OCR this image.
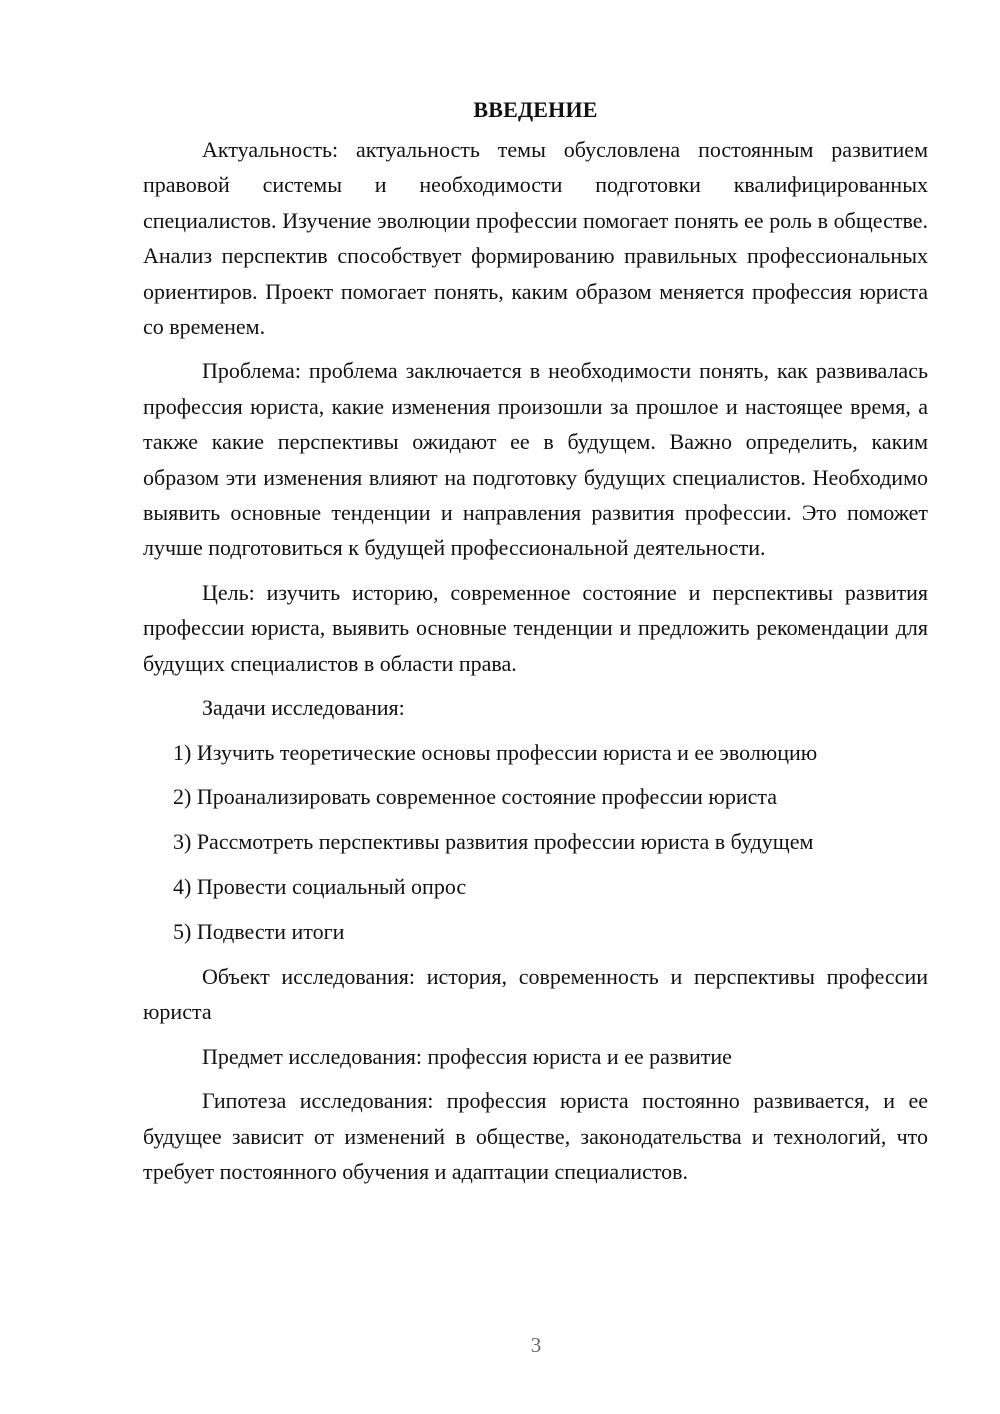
ВВЕДЕНИЕ

Актуальность: актуальность темы обусловлена постоянным развитием правовой системы и необходимости подготовки квалифицированных специалистов. Изучение эволюции профессии помогает понять ее роль в обществе. Анализ перспектив способствует формированию правильных профессиональных ориентиров. Проект помогает понять, каким образом меняется профессия юриста со временем.

Проблема: проблема заключается в необходимости понять, как развивалась профессия юриста, какие изменения произошли за прошлое и настоящее время, а также какие перспективы ожидают ее в будущем. Важно определить, каким образом эти изменения влияют на подготовку будущих специалистов. Необходимо выявить основные тенденции и направления развития профессии. Это поможет лучше подготовиться к будущей профессиональной деятельности.

Цель: изучить историю, современное состояние и перспективы развития профессии юриста, выявить основные тенденции и предложить рекомендации для будущих специалистов в области права.

Задачи исследования:

1) Изучить теоретические основы профессии юриста и ее эволюцию
2) Проанализировать современное состояние профессии юриста
3) Рассмотреть перспективы развития профессии юриста в будущем
4) Провести социальный опрос
5) Подвести итоги

Объект исследования: история, современность и перспективы профессии юриста

Предмет исследования: профессия юриста и ее развитие

Гипотеза исследования: профессия юриста постоянно развивается, и ее будущее зависит от изменений в обществе, законодательства и технологий, что требует постоянного обучения и адаптации специалистов.

3
